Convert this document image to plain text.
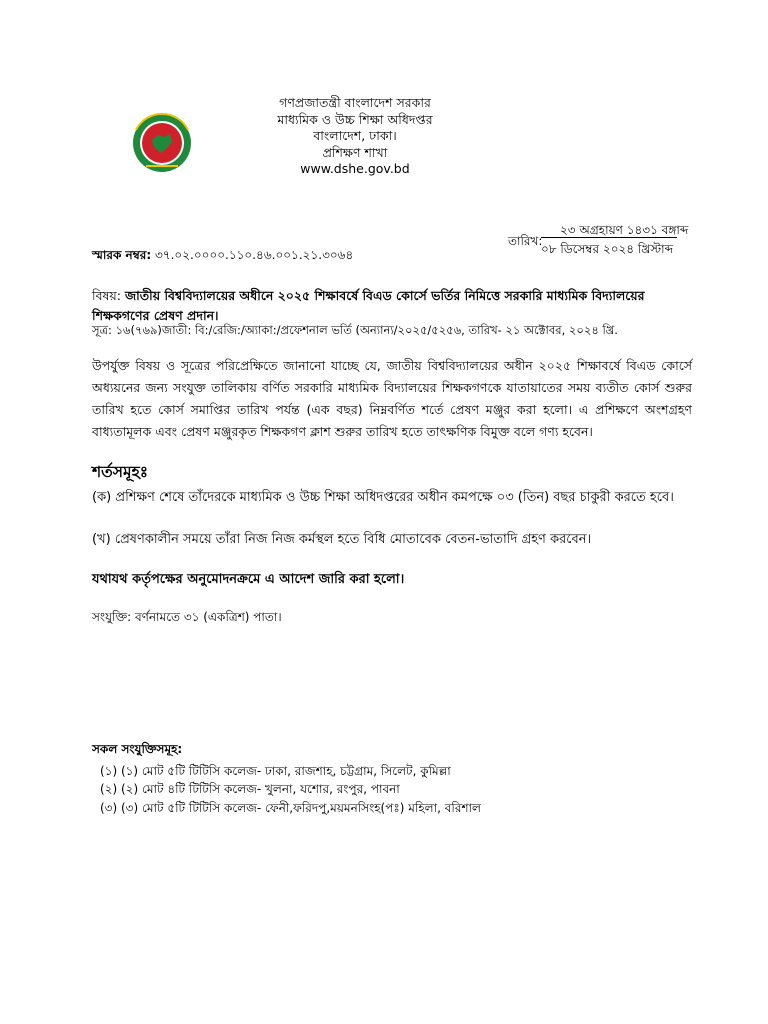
গণপ্রজাতন্ত্রী বাংলাদেশ সরকার
মাধ্যমিক ও উচ্চ শিক্ষা অধিদপ্তর
বাংলাদেশ, ঢাকা।
প্রশিক্ষণ শাখা
www.dshe.gov.bd
২৩ অগ্রহায়ণ ১৪৩১ বঙ্গাব্দ
তারিখ:
০৮ ডিসেম্বর ২০২৪ খ্রিস্টাব্দ
স্মারক নম্বর: ৩৭.০২.০০০০.১১০.৪৬.০০১.২১.৩০৬৪
বিষয়: জাতীয় বিশ্ববিদ্যালয়ের অধীনে ২০২৫ শিক্ষাবর্ষে বিএড কোর্সে ভর্তির নিমিত্তে সরকারি মাধ্যমিক বিদ্যালয়ের শিক্ষকগণের প্রেষণ প্রদান।
সূত্র: ১৬(৭৬৯)জাতী: বি:/রেজি:/অ্যাকা:/প্রফেশনাল ভর্তি (অন্যান্য/২০২৫/৫২৫৬, তারিখ- ২১ অক্টোবর, ২০২৪ খ্রি.
উপর্যুক্ত বিষয় ও সূত্রের পরিপ্রেক্ষিতে জানানো যাচ্ছে যে, জাতীয় বিশ্ববিদ্যালয়ের অধীন ২০২৫ শিক্ষাবর্ষে বিএড কোর্সে অধ্যয়নের জন্য সংযুক্ত তালিকায় বর্ণিত সরকারি মাধ্যমিক বিদ্যালয়ের শিক্ষকগণকে যাতায়াতের সময় ব্যতীত কোর্স শুরুর তারিখ হতে কোর্স সমাপ্তির তারিখ পর্যন্ত (এক বছর) নিম্নবর্ণিত শর্তে প্রেষণ মঞ্জুর করা হলো। এ প্রশিক্ষণে অংশগ্রহণ বাধ্যতামূলক এবং প্রেষণ মঞ্জুরকৃত শিক্ষকগণ ক্লাশ শুরুর তারিখ হতে তাৎক্ষণিক বিমুক্ত বলে গণ্য হবেন।
শর্তসমূহঃ
(ক) প্রশিক্ষণ শেষে তাঁদেরকে মাধ্যমিক ও উচ্চ শিক্ষা অধিদপ্তরের অধীন কমপক্ষে ০৩ (তিন) বছর চাকুরী করতে হবে।
(খ) প্রেষণকালীন সময়ে তাঁরা নিজ নিজ কর্মস্থল হতে বিধি মোতাবেক বেতন-ভাতাদি গ্রহণ করবেন।
যথাযথ কর্তৃপক্ষের অনুমোদনক্রমে এ আদেশ জারি করা হলো।
সংযুক্তি: বর্ণনামতে ৩১ (একত্রিশ) পাতা।
সকল সংযুক্তিসমূহ:
(১) (১) মোট ৫টি টিটিসি কলেজ- ঢাকা, রাজশাহ, চট্টগ্রাম, সিলেট, কুমিল্লা
(২) (২) মোট ৪টি টিটিসি কলেজ- খুলনা, যশোর, রংপুর, পাবনা
(৩) (৩) মোট ৫টি টিটিসি কলেজ- ফেনী,ফরিদপু,ময়মনসিংহ(পঃ) মহিলা, বরিশাল
